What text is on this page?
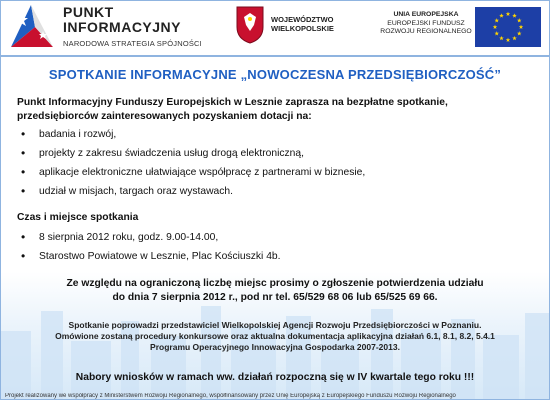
PUNKT
INFORMACYJNY
NARODOWA STRATEGIA SPÓJNOŚCI
WOJEWÓDZTWO
WIELKOPOLSKIE
UNIA EUROPEJSKA
EUROPEJSKI FUNDUSZ
ROZWOJU REGIONALNEGO
SPOTKANIE INFORMACYJNE „NOWOCZESNA PRZEDSIĘBIORCZOŚĆ”
Punkt Informacyjny Funduszy Europejskich w Lesznie zaprasza na bezpłatne spotkanie,
przedsiębiorców zainteresowanych pozyskaniem dotacji na:
• badania i rozwój,
• projekty z zakresu świadczenia usług drogą elektroniczną,
• aplikacje elektroniczne ułatwiające współpracę z partnerami w biznesie,
• udział w misjach, targach oraz wystawach.
Czas i miejsce spotkania
• 8 sierpnia 2012 roku, godz. 9.00-14.00,
• Starostwo Powiatowe w Lesznie, Plac Kościuszki 4b.
Ze względu na ograniczoną liczbę miejsc prosimy o zgłoszenie potwierdzenia udziału
do dnia 7 sierpnia 2012 r., pod nr tel. 65/529 68 06 lub 65/525 69 66.
Spotkanie poprowadzi przedstawiciel Wielkopolskiej Agencji Rozwoju Przedsiębiorczości w Poznaniu.
Omówione zostaną procedury konkursowe oraz aktualna dokumentacja aplikacyjna działań 6.1, 8.1, 8.2, 5.4.1
Programu Operacyjnego Innowacyjna Gospodarka 2007-2013.
Nabory wniosków w ramach ww. działań rozpoczną się w IV kwartale tego roku !!!
Projekt realizowany we współpracy z Ministerstwem Rozwoju Regionalnego, współfinansowany przez Unię Europejską z Europejskiego Funduszu Rozwoju Regionalnego
